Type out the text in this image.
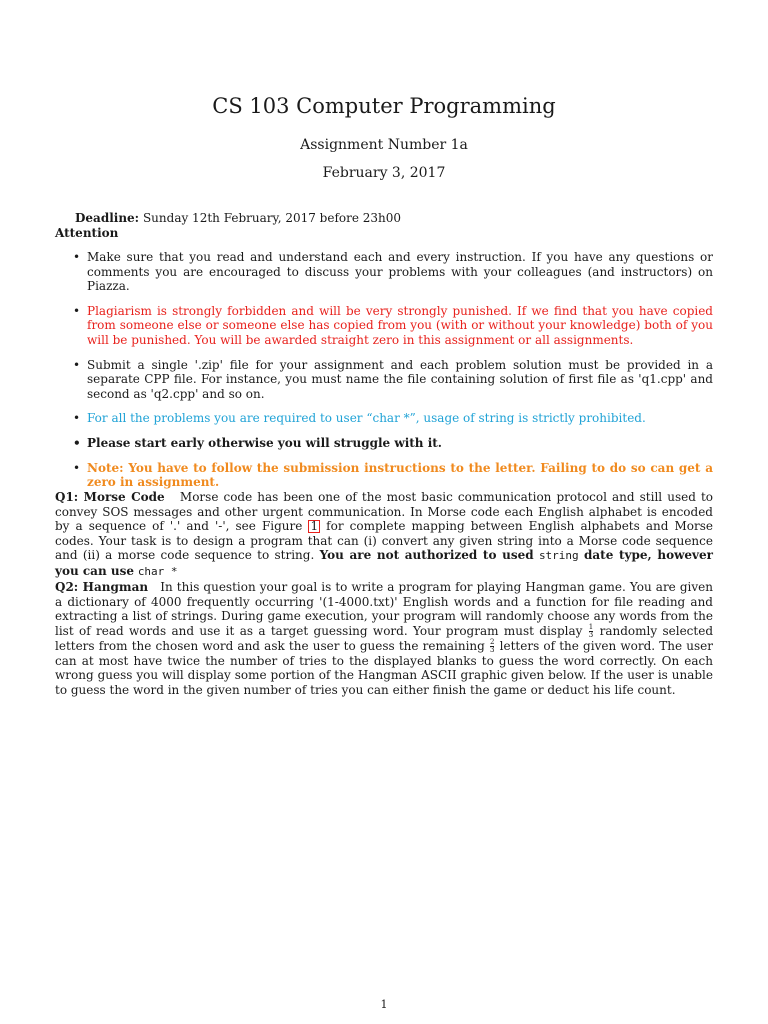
CS 103 Computer Programming
Assignment Number 1a
February 3, 2017
Deadline: Sunday 12th February, 2017 before 23h00
Attention
• Make sure that you read and understand each and every instruction. If you have any questions or comments you are encouraged to discuss your problems with your colleagues (and instructors) on Piazza.
• Plagiarism is strongly forbidden and will be very strongly punished. If we find that you have copied from someone else or someone else has copied from you (with or without your knowledge) both of you will be punished. You will be awarded straight zero in this assignment or all assignments.
• Submit a single '.zip' file for your assignment and each problem solution must be provided in a separate CPP file. For instance, you must name the file containing solution of first file as 'q1.cpp' and second as 'q2.cpp' and so on.
• For all the problems you are required to user “char *”, usage of string is strictly prohibited.
• Please start early otherwise you will struggle with it.
• Note: You have to follow the submission instructions to the letter. Failing to do so can get a zero in assignment.
Q1: Morse Code Morse code has been one of the most basic communication protocol and still used to convey SOS messages and other urgent communication. In Morse code each English alphabet is encoded by a sequence of '.' and '-', see Figure 1 for complete mapping between English alphabets and Morse codes. Your task is to design a program that can (i) convert any given string into a Morse code sequence and (ii) a morse code sequence to string. You are not authorized to used string date type, however you can use char *
Q2: Hangman In this question your goal is to write a program for playing Hangman game. You are given a dictionary of 4000 frequently occurring '(1-4000.txt)' English words and a function for file reading and extracting a list of strings. During game execution, your program will randomly choose any words from the list of read words and use it as a target guessing word. Your program must display $\frac{1}{3}$ randomly selected letters from the chosen word and ask the user to guess the remaining $\frac{2}{3}$ letters of the given word. The user can at most have twice the number of tries to the displayed blanks to guess the word correctly. On each wrong guess you will display some portion of the Hangman ASCII graphic given below. If the user is unable to guess the word in the given number of tries you can either finish the game or deduct his life count.
1
